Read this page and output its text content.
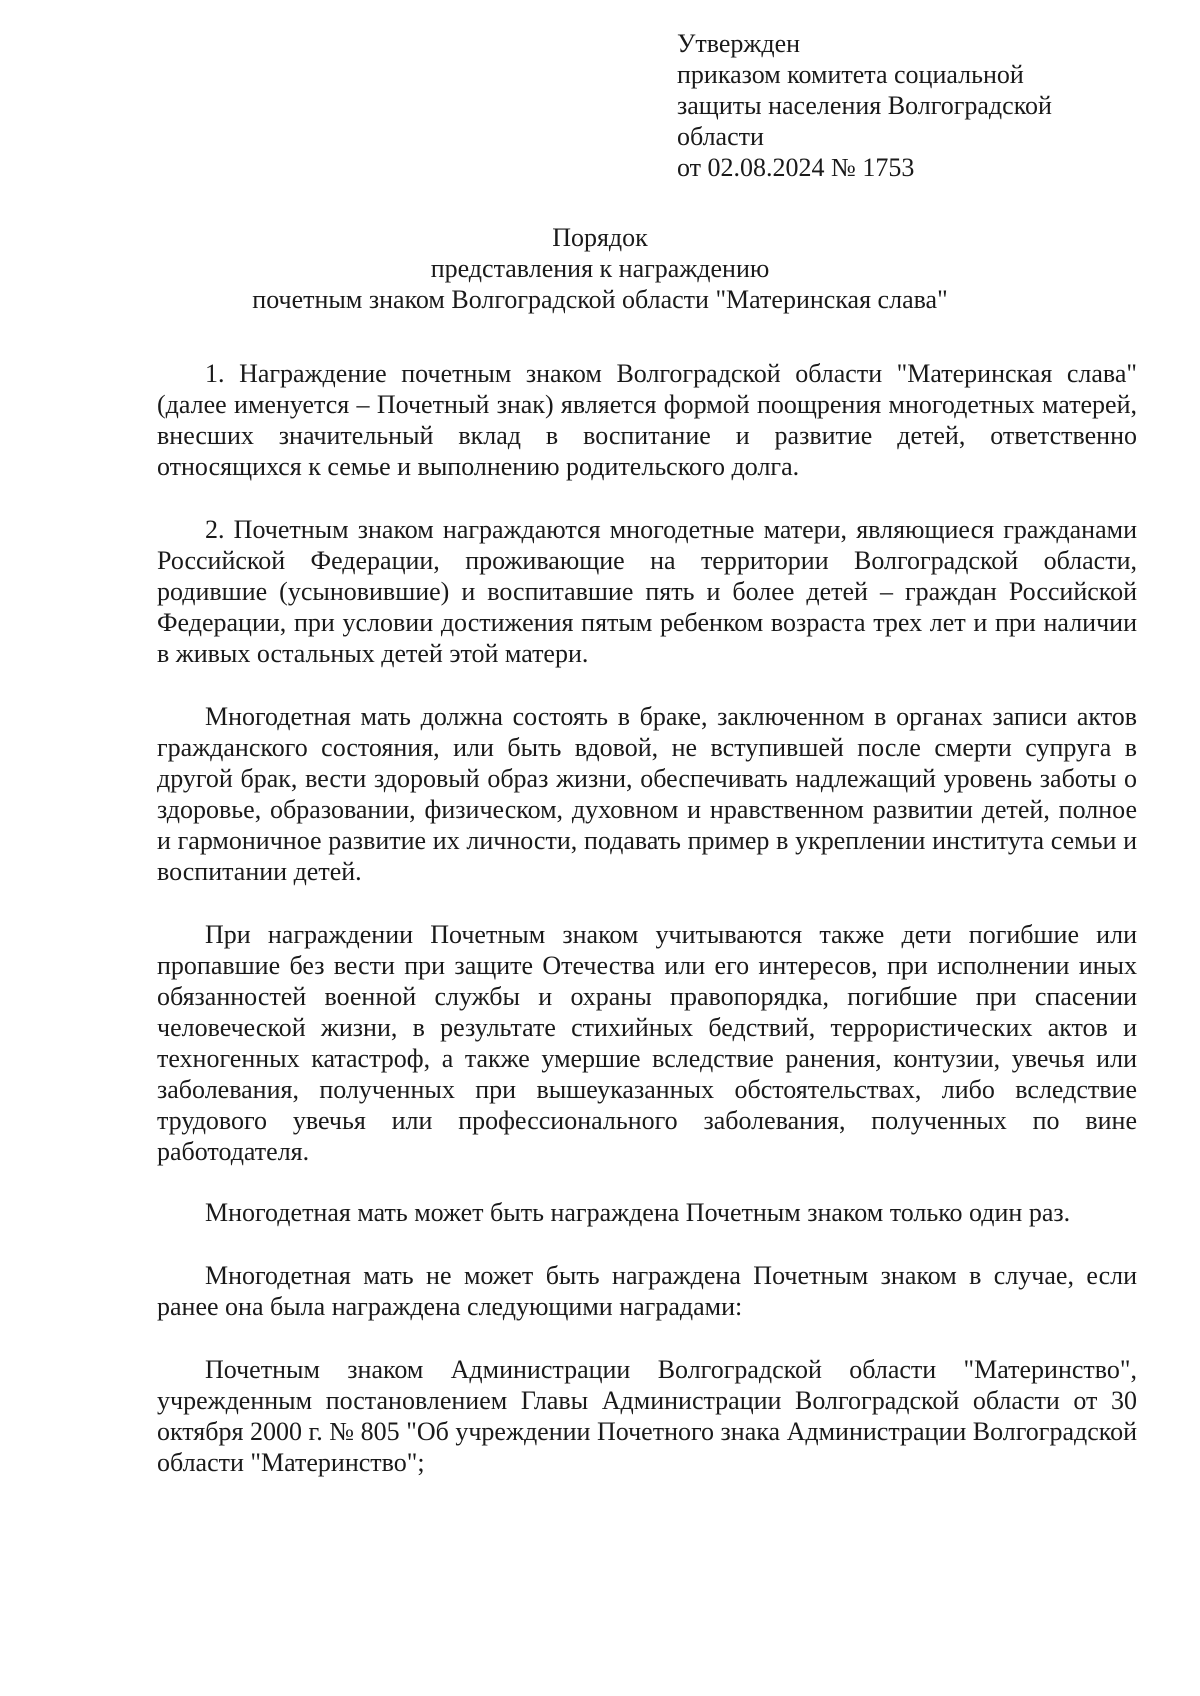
Утвержден
приказом комитета социальной
защиты населения Волгоградской
области
от 02.08.2024 № 1753
Порядок
представления к награждению
почетным знаком Волгоградской области "Материнская слава"

1. Награждение почетным знаком Волгоградской области "Материнская слава" (далее именуется – Почетный знак) является формой поощрения многодетных матерей, внесших значительный вклад в воспитание и развитие детей, ответственно относящихся к семье и выполнению родительского долга.

2. Почетным знаком награждаются многодетные матери, являющиеся гражданами Российской Федерации, проживающие на территории Волгоградской области, родившие (усыновившие) и воспитавшие пять и более детей – граждан Российской Федерации, при условии достижения пятым ребенком возраста трех лет и при наличии в живых остальных детей этой матери.

Многодетная мать должна состоять в браке, заключенном в органах записи актов гражданского состояния, или быть вдовой, не вступившей после смерти супруга в другой брак, вести здоровый образ жизни, обеспечивать надлежащий уровень заботы о здоровье, образовании, физическом, духовном и нравственном развитии детей, полное и гармоничное развитие их личности, подавать пример в укреплении института семьи и воспитании детей.

При награждении Почетным знаком учитываются также дети погибшие или пропавшие без вести при защите Отечества или его интересов, при исполнении иных обязанностей военной службы и охраны правопорядка, погибшие при спасении человеческой жизни, в результате стихийных бедствий, террористических актов и техногенных катастроф, а также умершие вследствие ранения, контузии, увечья или заболевания, полученных при вышеуказанных обстоятельствах, либо вследствие трудового увечья или профессионального заболевания, полученных по вине работодателя.

Многодетная мать может быть награждена Почетным знаком только один раз.

Многодетная мать не может быть награждена Почетным знаком в случае, если ранее она была награждена следующими наградами:

Почетным знаком Администрации Волгоградской области "Материнство", учрежденным постановлением Главы Администрации Волгоградской области от 30 октября 2000 г. № 805 "Об учреждении Почетного знака Администрации Волгоградской области "Материнство";
